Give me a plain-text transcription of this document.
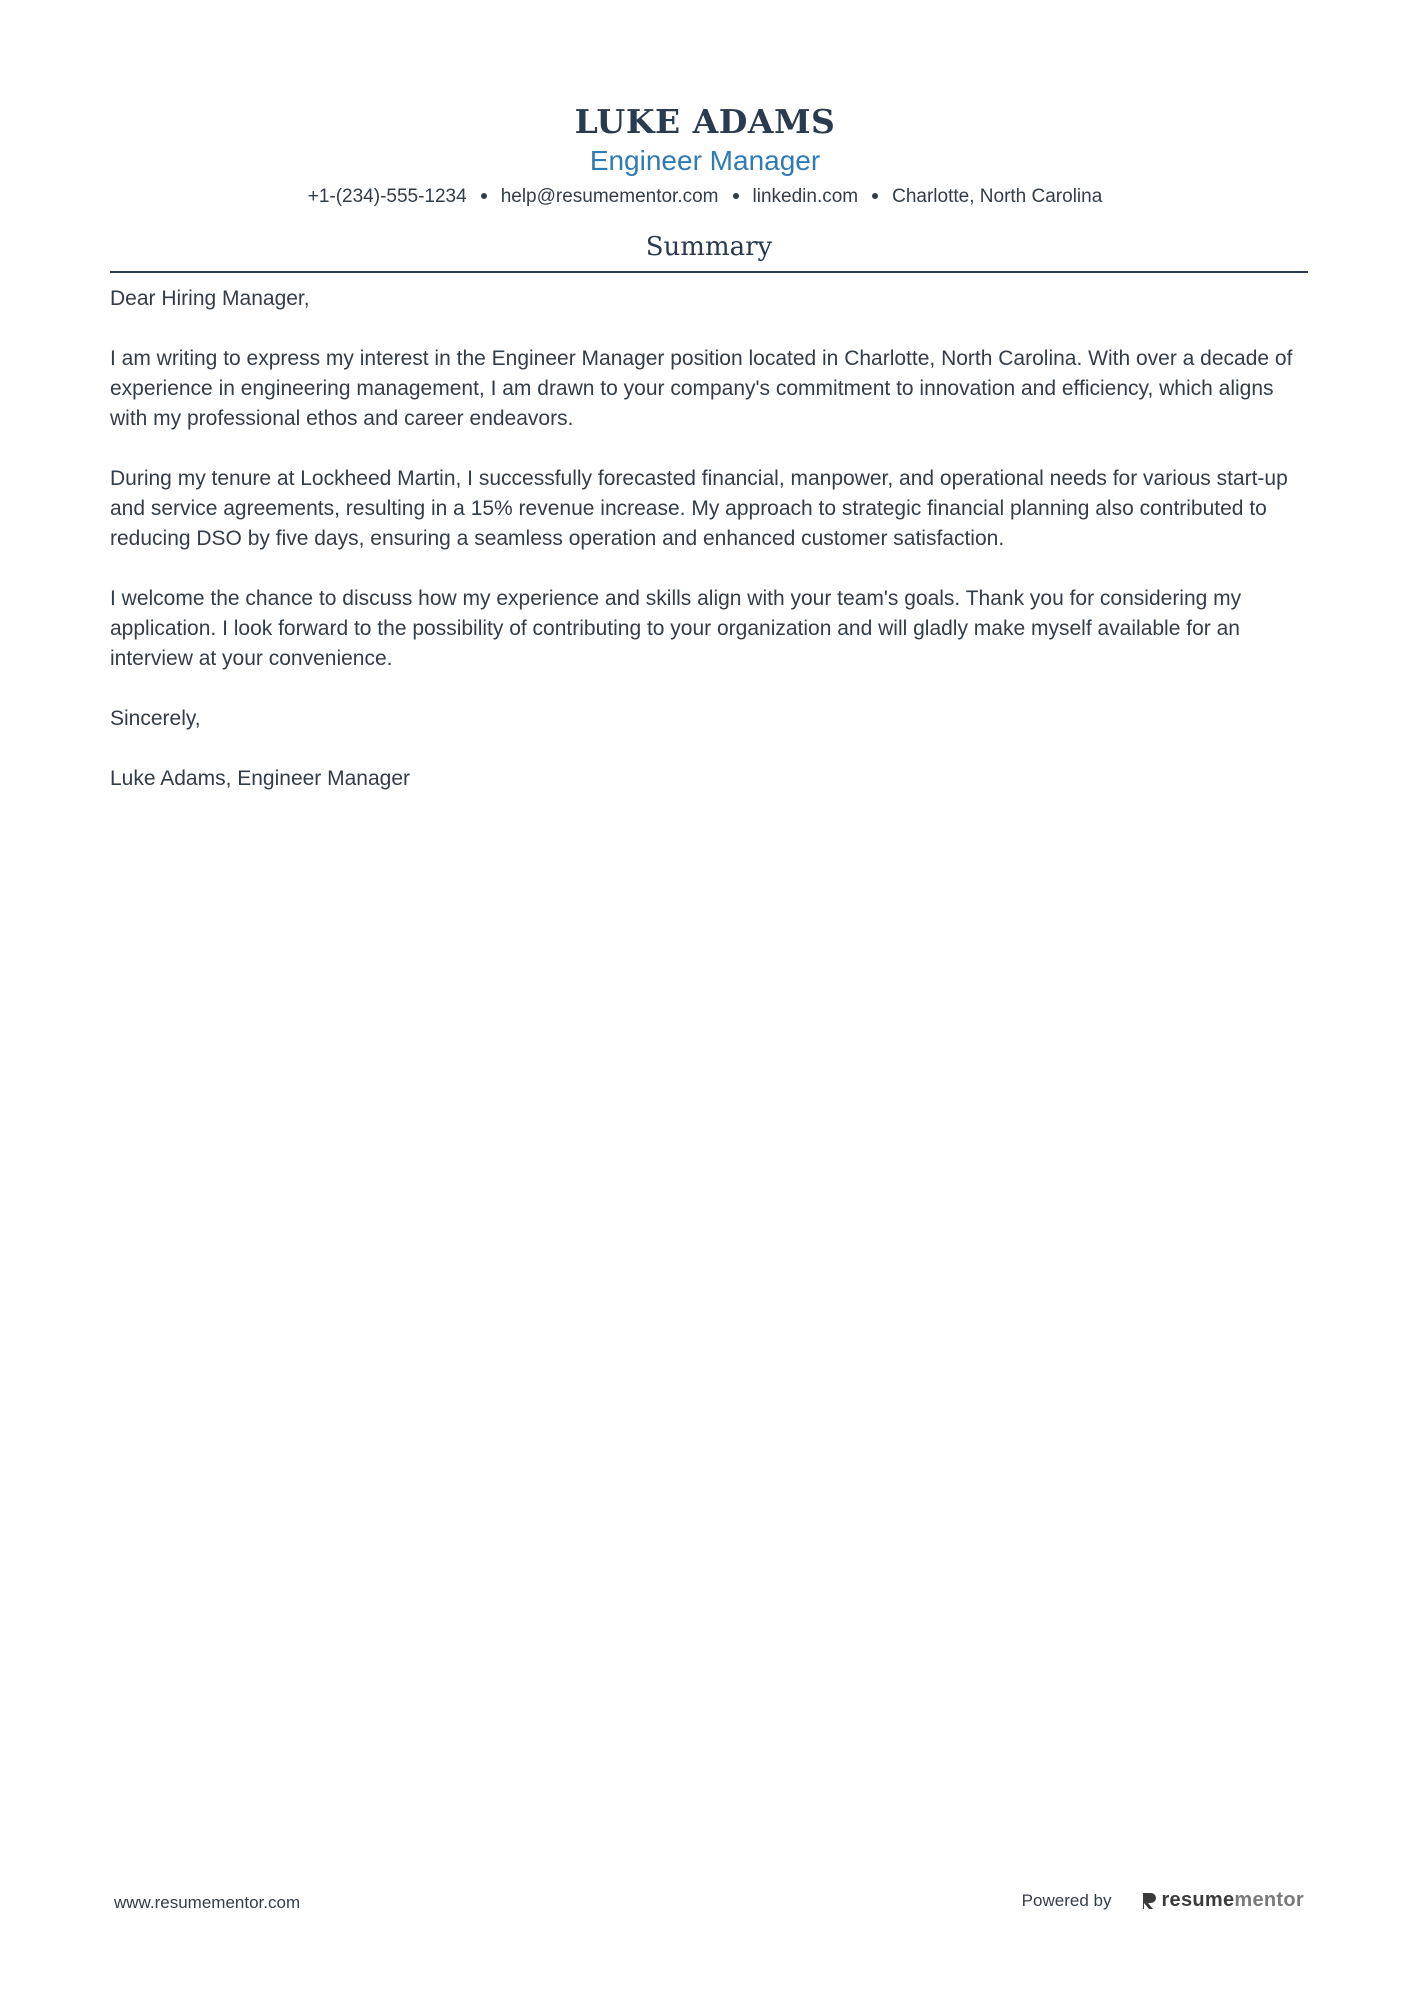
LUKE ADAMS
Engineer Manager
+1-(234)-555-1234 help@resumementor.com linkedin.com Charlotte, North Carolina
Summary

Dear Hiring Manager,

I am writing to express my interest in the Engineer Manager position located in Charlotte, North Carolina. With over a decade of experience in engineering management, I am drawn to your company's commitment to innovation and efficiency, which aligns with my professional ethos and career endeavors.

During my tenure at Lockheed Martin, I successfully forecasted financial, manpower, and operational needs for various start-up and service agreements, resulting in a 15% revenue increase. My approach to strategic financial planning also contributed to reducing DSO by five days, ensuring a seamless operation and enhanced customer satisfaction.

I welcome the chance to discuss how my experience and skills align with your team's goals. Thank you for considering my application. I look forward to the possibility of contributing to your organization and will gladly make myself available for an interview at your convenience.

Sincerely,

Luke Adams, Engineer Manager

www.resumementor.com	Powered by	resume mentor
